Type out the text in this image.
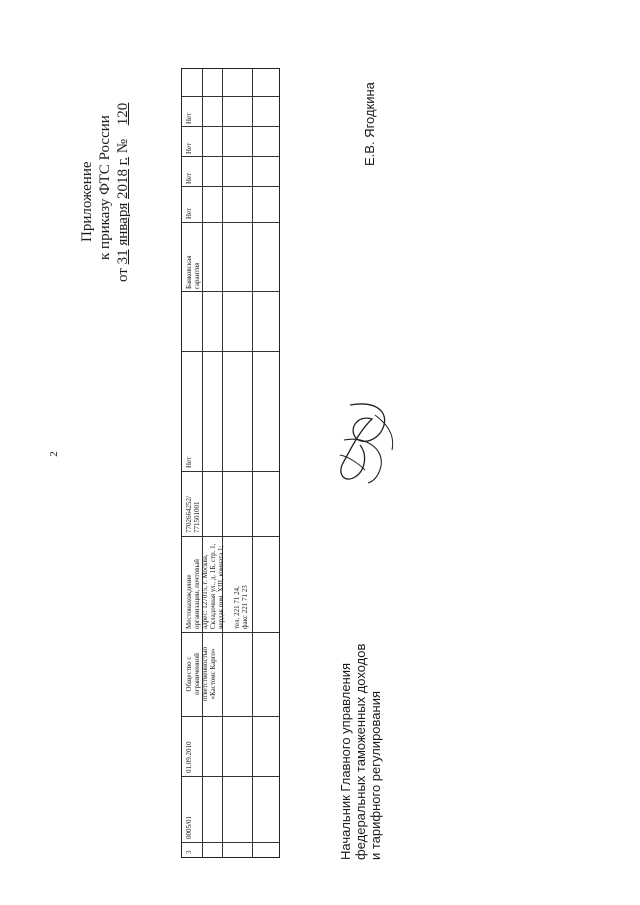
2
Приложение к приказу ФТС России
от 31 января 2018 г. № 120
3
0005/01
01.09.2010
Общество с ограниченной ответственностью «Кастомс Карго»
Местонахождение организации, почтовый адрес: 127015, г. Москва, Складочная ул., д. 1Б, стр. 1, чердак пом. XIII, комната 1; тел. 221 71 24,
факс 221 71 23
7702664252/ 771501001
Нет
Банковская гарантия
Нет
Нет
Нет
Нет
Начальник Главного управления федеральных таможенных доходов и тарифного регулирования
Е.В. Ягодкина
